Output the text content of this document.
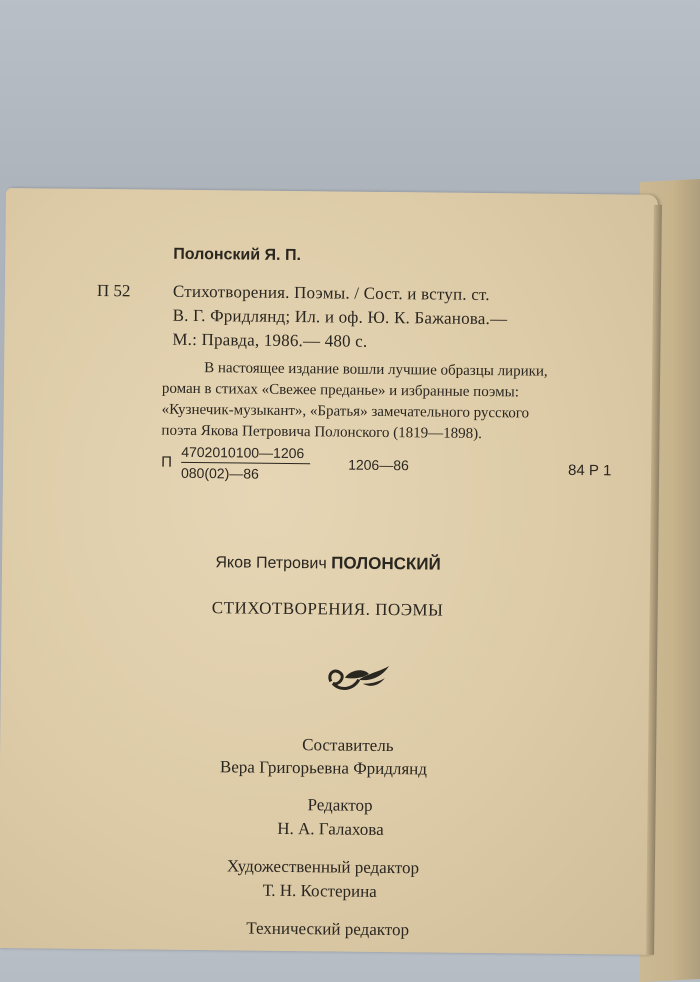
Полонский Я. П.
П 52 Стихотворения. Поэмы. / Сост. и вступ. ст.
В. Г. Фридлянд; Ил. и оф. Ю. К. Бажанова.—
М.: Правда, 1986.— 480 с.
В настоящее издание вошли лучшие образцы лирики,
роман в стихах «Свежее преданье» и избранные поэмы:
«Кузнечик-музыкант», «Братья» замечательного русского
поэта Якова Петровича Полонского (1819—1898).
П $\frac{4702010100—1206}{080(02)—86}$	1206—86	84 Р 1
Яков Петрович ПОЛОНСКИЙ
СТИХОТВОРЕНИЯ. ПОЭМЫ
Составитель
Вера Григорьевна Фридлянд
Редактор
Н. А. Галахова
Художественный редактор
Т. Н. Костерина
Технический редактор
